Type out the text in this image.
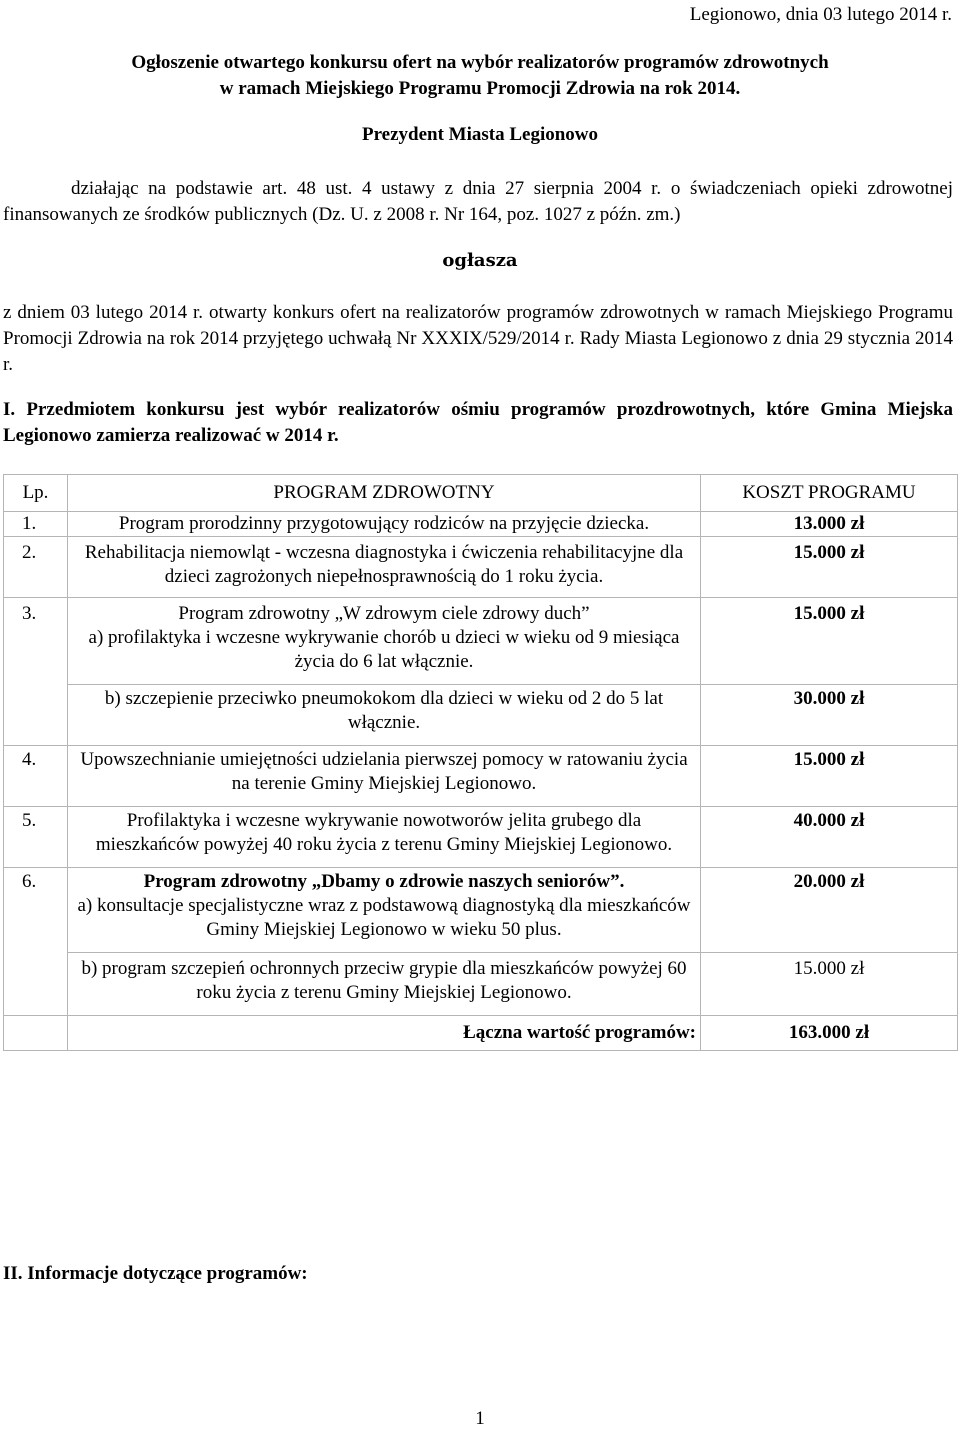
Legionowo, dnia 03 lutego 2014 r.
Ogłoszenie otwartego konkursu ofert na wybór realizatorów programów zdrowotnych
w ramach Miejskiego Programu Promocji Zdrowia na rok 2014.
Prezydent Miasta Legionowo
działając na podstawie art. 48 ust. 4 ustawy z dnia 27 sierpnia 2004 r. o świadczeniach opieki zdrowotnej finansowanych ze środków publicznych (Dz. U. z 2008 r. Nr 164, poz. 1027 z późn. zm.)
ogłasza
z dniem 03 lutego 2014 r. otwarty konkurs ofert na realizatorów programów zdrowotnych w ramach Miejskiego Programu Promocji Zdrowia na rok 2014 przyjętego uchwałą Nr XXXIX/529/2014 r. Rady Miasta Legionowo z dnia 29 stycznia 2014 r.
I. Przedmiotem konkursu jest wybór realizatorów ośmiu programów prozdrowotnych, które Gmina Miejska Legionowo zamierza realizować w 2014 r.
Lp.	PROGRAM ZDROWOTNY	KOSZT PROGRAMU
1.	Program prorodzinny przygotowujący rodziców na przyjęcie dziecka.	13.000 zł
2.	Rehabilitacja niemowląt - wczesna diagnostyka i ćwiczenia rehabilitacyjne dla dzieci zagrożonych niepełnosprawnością do 1 roku życia.	15.000 zł
3.	Program zdrowotny „W zdrowym ciele zdrowy duch”
a) profilaktyka i wczesne wykrywanie chorób u dzieci w wieku od 9 miesiąca życia do 6 lat włącznie.	15.000 zł
	b) szczepienie przeciwko pneumokokom dla dzieci w wieku od 2 do 5 lat włącznie.	30.000 zł
4.	Upowszechnianie umiejętności udzielania pierwszej pomocy w ratowaniu życia na terenie Gminy Miejskiej Legionowo.	15.000 zł
5.	Profilaktyka i wczesne wykrywanie nowotworów jelita grubego dla mieszkańców powyżej 40 roku życia z terenu Gminy Miejskiej Legionowo.	40.000 zł
6.	Program zdrowotny „Dbamy o zdrowie naszych seniorów”.
a) konsultacje specjalistyczne wraz z podstawową diagnostyką dla mieszkańców Gminy Miejskiej Legionowo w wieku 50 plus.	20.000 zł
	b) program szczepień ochronnych przeciw grypie dla mieszkańców powyżej 60 roku życia z terenu Gminy Miejskiej Legionowo.	15.000 zł
	Łączna wartość programów:	163.000 zł
II. Informacje dotyczące programów:
1
